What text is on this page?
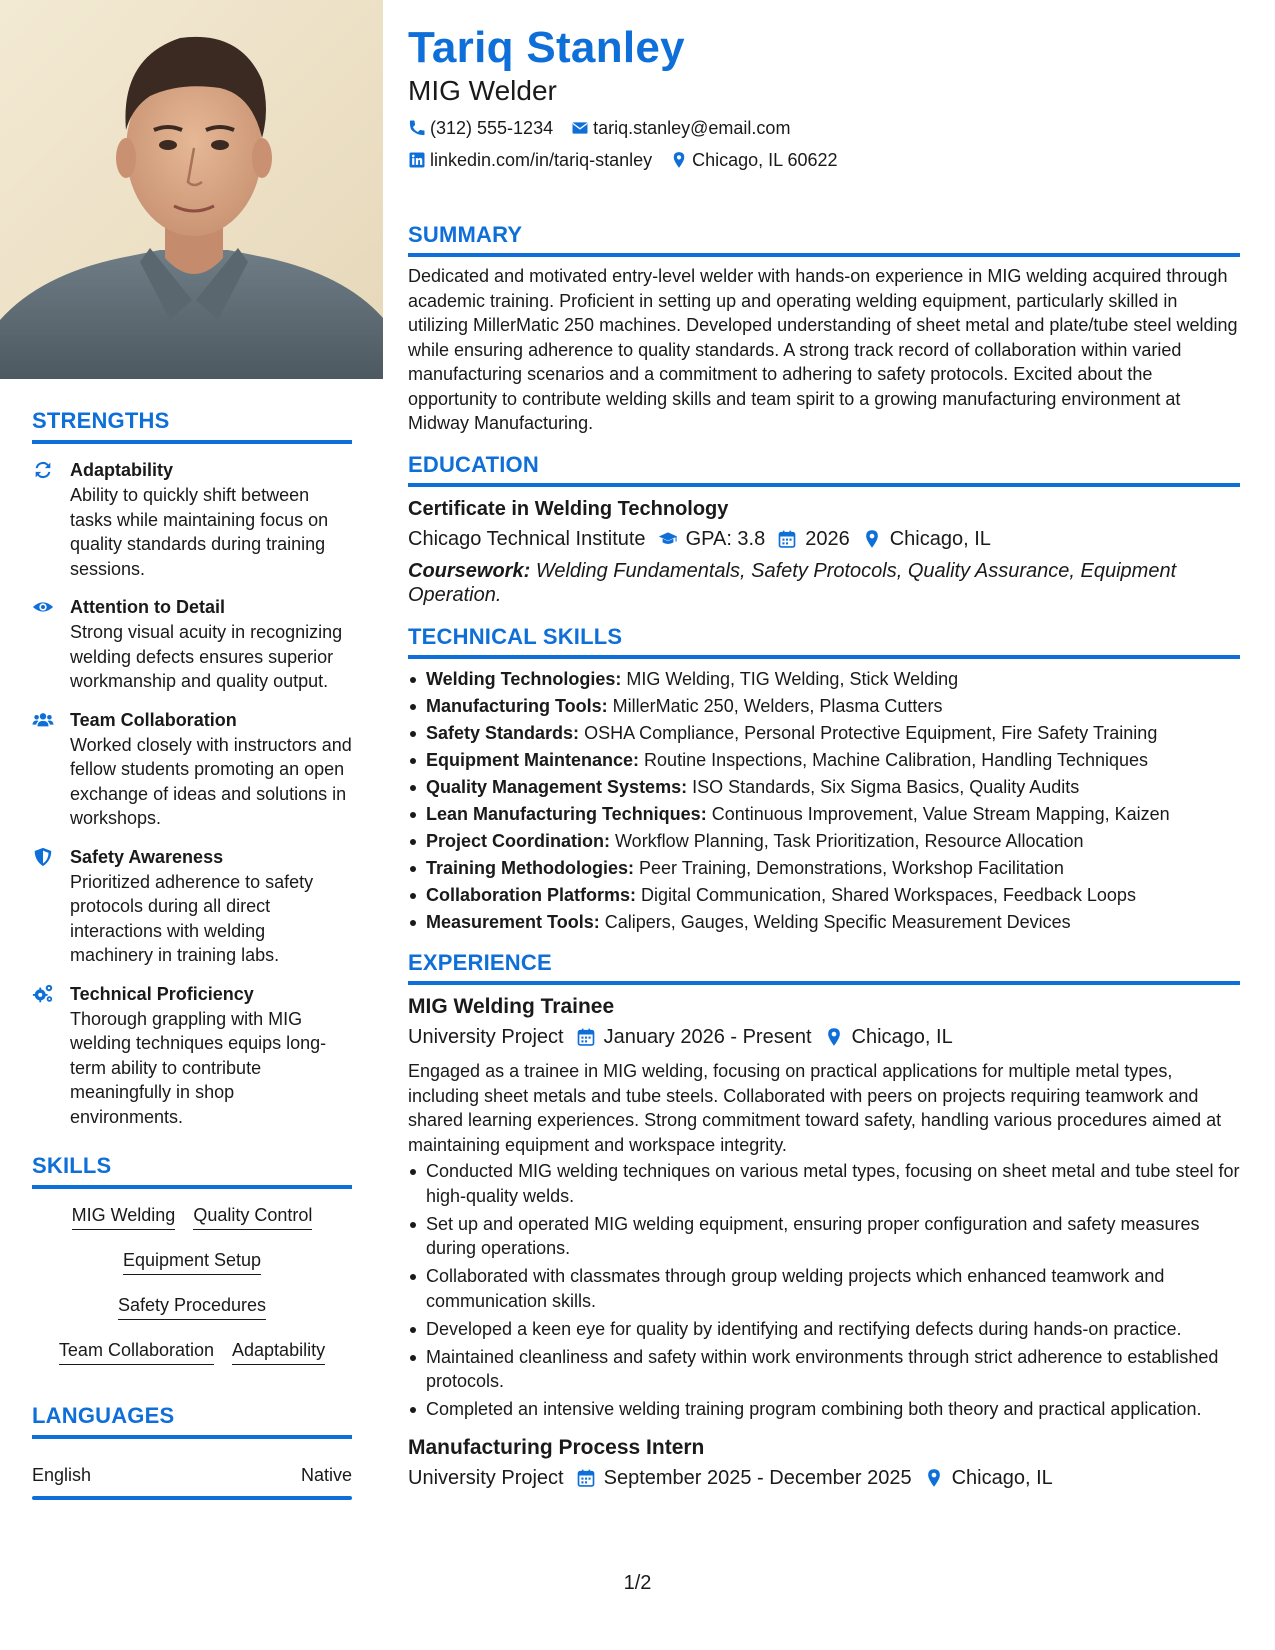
STRENGTHS
Adaptability
Ability to quickly shift between tasks while maintaining focus on quality standards during training sessions.
Attention to Detail
Strong visual acuity in recognizing welding defects ensures superior workmanship and quality output.
Team Collaboration
Worked closely with instructors and fellow students promoting an open exchange of ideas and solutions in workshops.
Safety Awareness
Prioritized adherence to safety protocols during all direct interactions with welding machinery in training labs.
Technical Proficiency
Thorough grappling with MIG welding techniques equips long-term ability to contribute meaningfully in shop environments.
SKILLS
MIG Welding Quality Control
Equipment Setup
Safety Procedures
Team Collaboration Adaptability
LANGUAGES
English	Native
Tariq Stanley
MIG Welder
(312) 555-1234 tariq.stanley@email.com
linkedin.com/in/tariq-stanley Chicago, IL 60622
SUMMARY
Dedicated and motivated entry-level welder with hands-on experience in MIG welding acquired through academic training. Proficient in setting up and operating welding equipment, particularly skilled in utilizing MillerMatic 250 machines. Developed understanding of sheet metal and plate/tube steel welding while ensuring adherence to quality standards. A strong track record of collaboration within varied manufacturing scenarios and a commitment to adhering to safety protocols. Excited about the opportunity to contribute welding skills and team spirit to a growing manufacturing environment at Midway Manufacturing.
EDUCATION
Certificate in Welding Technology
Chicago Technical Institute GPA: 3.8 2026 Chicago, IL
Coursework: Welding Fundamentals, Safety Protocols, Quality Assurance, Equipment Operation.
TECHNICAL SKILLS
Welding Technologies: MIG Welding, TIG Welding, Stick Welding
Manufacturing Tools: MillerMatic 250, Welders, Plasma Cutters
Safety Standards: OSHA Compliance, Personal Protective Equipment, Fire Safety Training
Equipment Maintenance: Routine Inspections, Machine Calibration, Handling Techniques
Quality Management Systems: ISO Standards, Six Sigma Basics, Quality Audits
Lean Manufacturing Techniques: Continuous Improvement, Value Stream Mapping, Kaizen
Project Coordination: Workflow Planning, Task Prioritization, Resource Allocation
Training Methodologies: Peer Training, Demonstrations, Workshop Facilitation
Collaboration Platforms: Digital Communication, Shared Workspaces, Feedback Loops
Measurement Tools: Calipers, Gauges, Welding Specific Measurement Devices
EXPERIENCE
MIG Welding Trainee
University Project January 2026 - Present Chicago, IL
Engaged as a trainee in MIG welding, focusing on practical applications for multiple metal types, including sheet metals and tube steels. Collaborated with peers on projects requiring teamwork and shared learning experiences. Strong commitment toward safety, handling various procedures aimed at maintaining equipment and workspace integrity.
Conducted MIG welding techniques on various metal types, focusing on sheet metal and tube steel for high-quality welds.
Set up and operated MIG welding equipment, ensuring proper configuration and safety measures during operations.
Collaborated with classmates through group welding projects which enhanced teamwork and communication skills.
Developed a keen eye for quality by identifying and rectifying defects during hands-on practice.
Maintained cleanliness and safety within work environments through strict adherence to established protocols.
Completed an intensive welding training program combining both theory and practical application.
Manufacturing Process Intern
University Project September 2025 - December 2025 Chicago, IL
1/2
